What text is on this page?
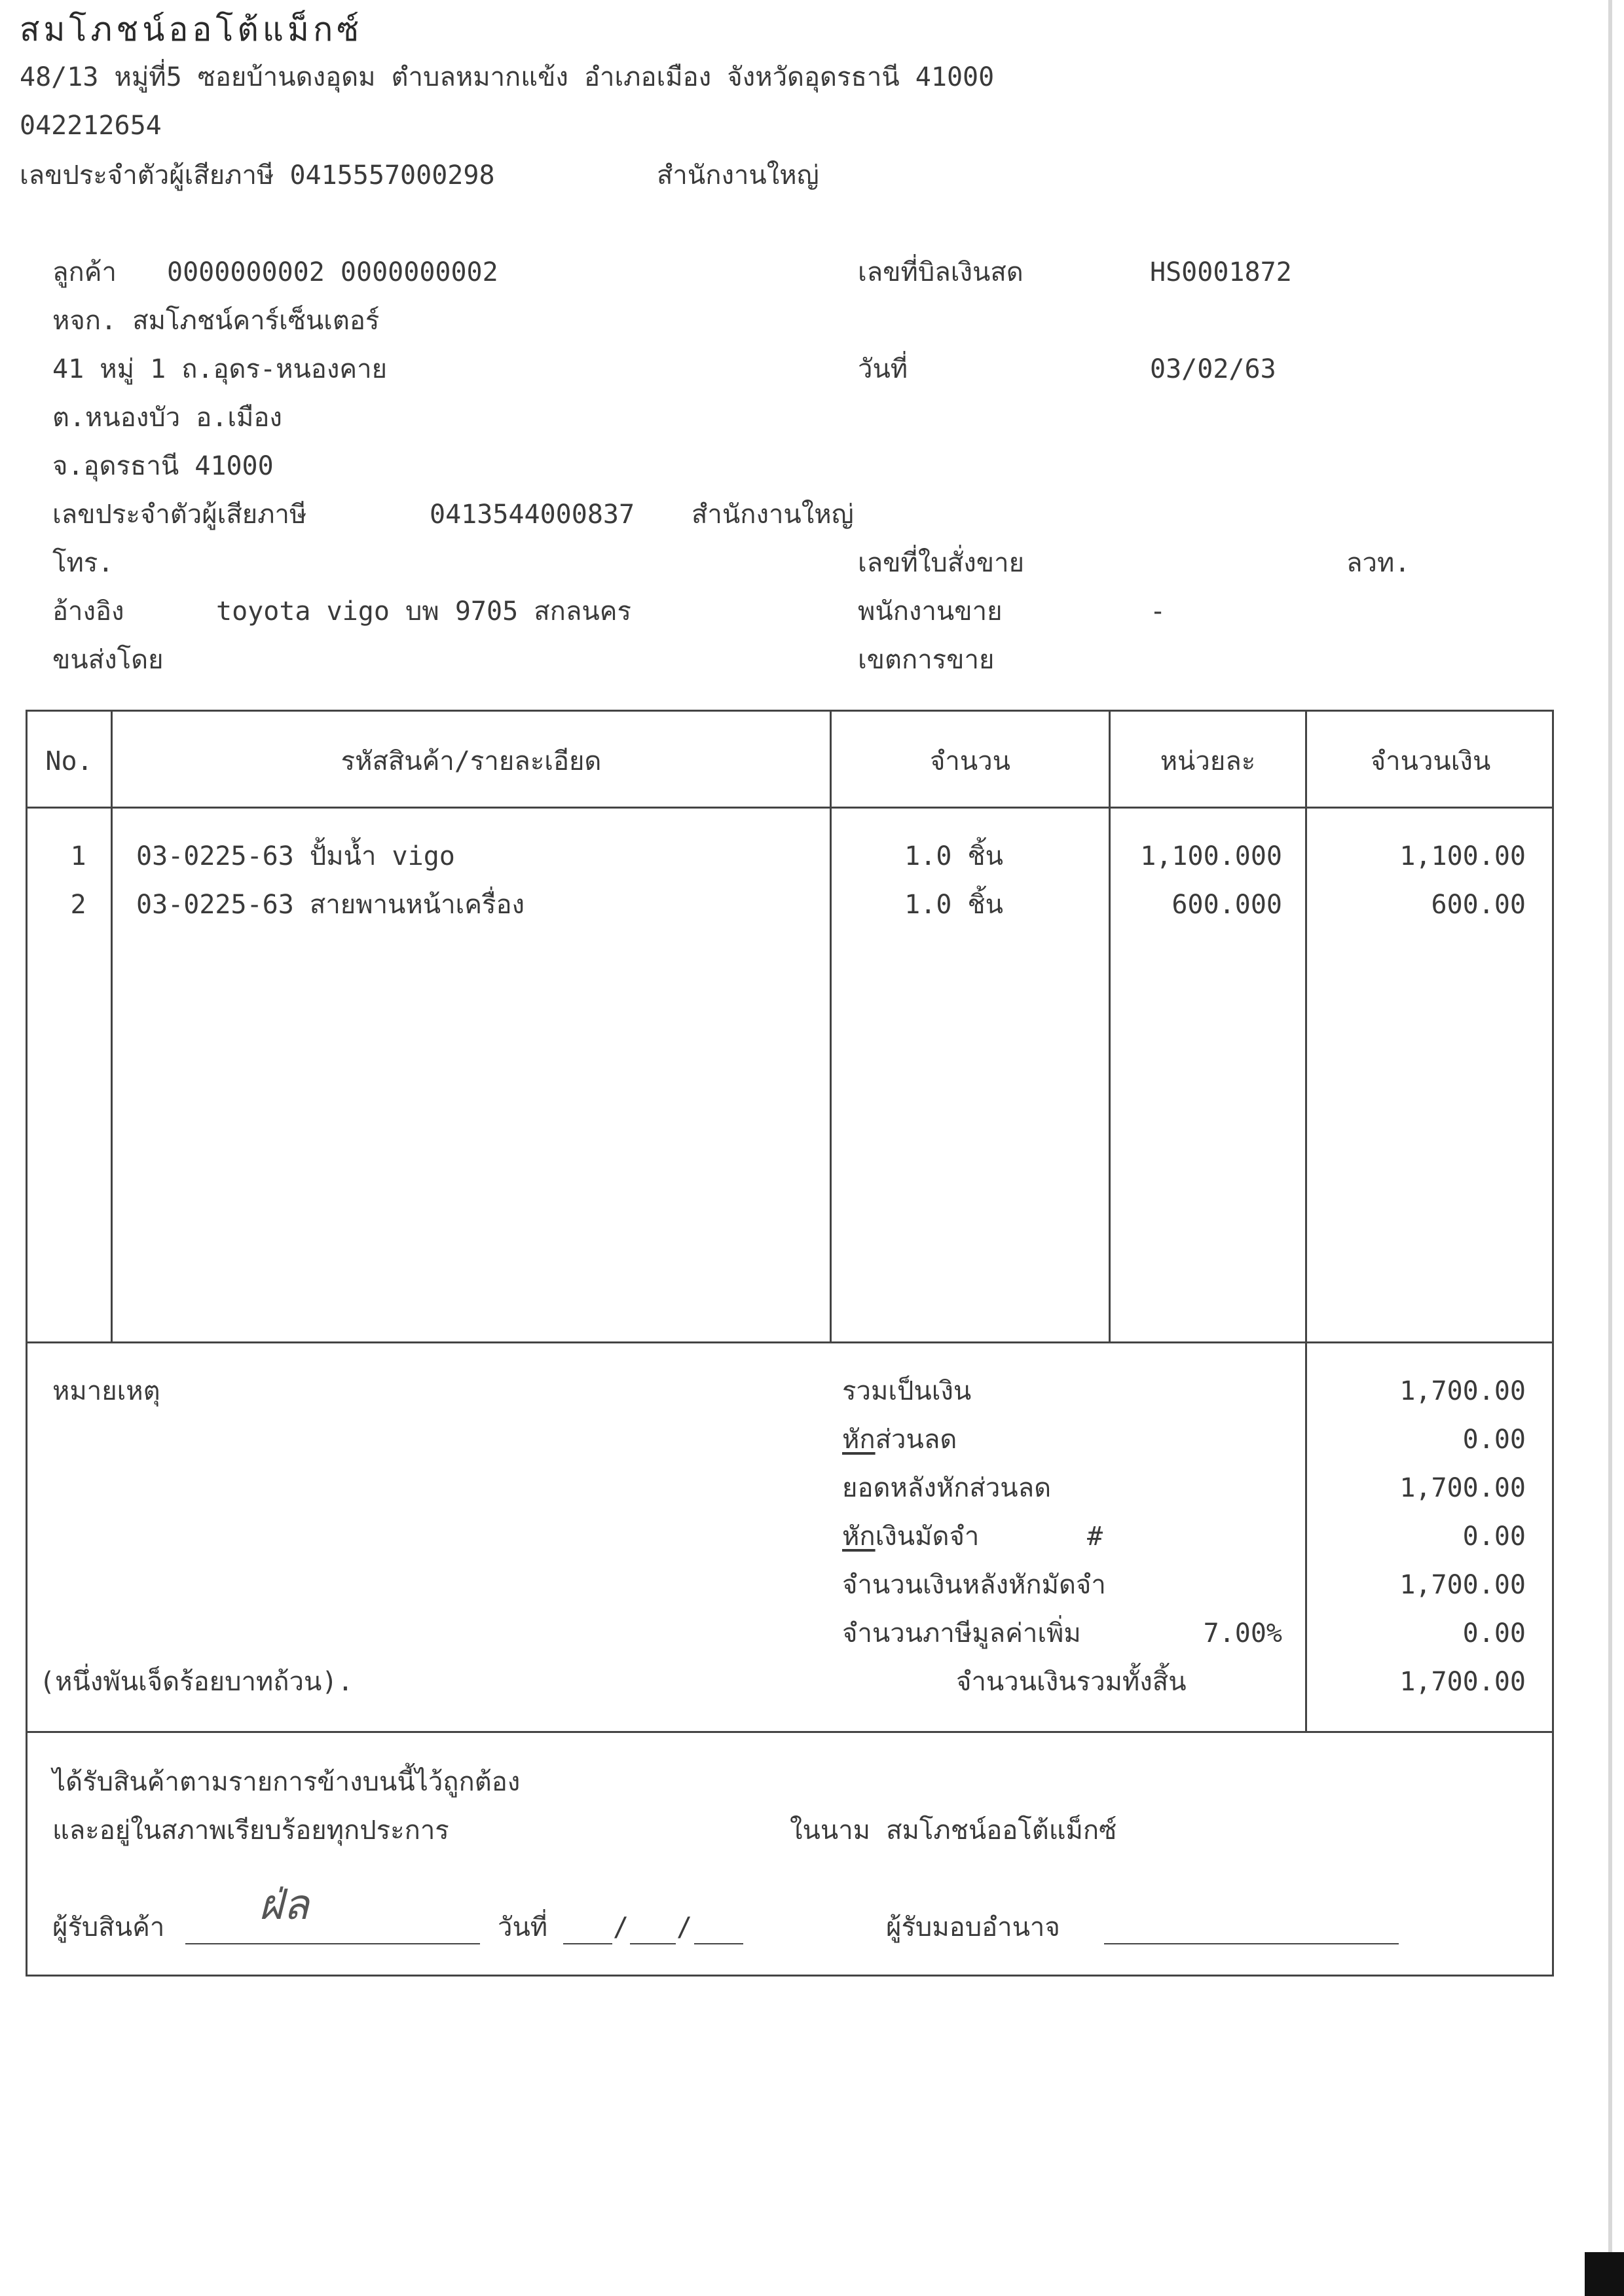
สมโภชน์ออโต้แม็กซ์
48/13 หมู่ที่5 ซอยบ้านดงอุดม ตำบลหมากแข้ง อำเภอเมือง จังหวัดอุดรธานี 41000
042212654
เลขประจำตัวผู้เสียภาษี 0415557000298	สำนักงานใหญ่
ลูกค้า 0000000002 0000000002
หจก. สมโภชน์คาร์เซ็นเตอร์
41 หมู่ 1 ถ.อุดร-หนองคาย
ต.หนองบัว อ.เมือง
จ.อุดรธานี 41000
เลขประจำตัวผู้เสียภาษี	0413544000837 สำนักงานใหญ่
โทร.
อ้างอิง	toyota vigo บพ 9705 สกลนคร
ขนส่งโดย
เลขที่บิลเงินสด	HS0001872
วันที่	03/02/63
เลขที่ใบสั่งขาย	ลวท.
พนักงานขาย	-
เขตการขาย
No.	รหัสสินค้า/รายละเอียด	จำนวน	หน่วยละ	จำนวนเงิน
1	03-0225-63 ปั้มน้ำ vigo	1.0 ชิ้น	1,100.000	1,100.00
2	03-0225-63 สายพานหน้าเครื่อง	1.0 ชิ้น	600.000	600.00
หมายเหตุ	รวมเป็นเงิน	1,700.00
หักส่วนลด	0.00
ยอดหลังหักส่วนลด	1,700.00
หักเงินมัดจำ	#	0.00
จำนวนเงินหลังหักมัดจำ	1,700.00
จำนวนภาษีมูลค่าเพิ่ม	7.00%	0.00
(หนึ่งพันเจ็ดร้อยบาทถ้วน).	จำนวนเงินรวมทั้งสิ้น	1,700.00
ได้รับสินค้าตามรายการข้างบนนี้ไว้ถูกต้อง
และอยู่ในสภาพเรียบร้อยทุกประการ	ในนาม สมโภชน์ออโต้แม็กซ์
ผู้รับสินค้า ฝ่ล	วันที่ / /	ผู้รับมอบอำนาจ
